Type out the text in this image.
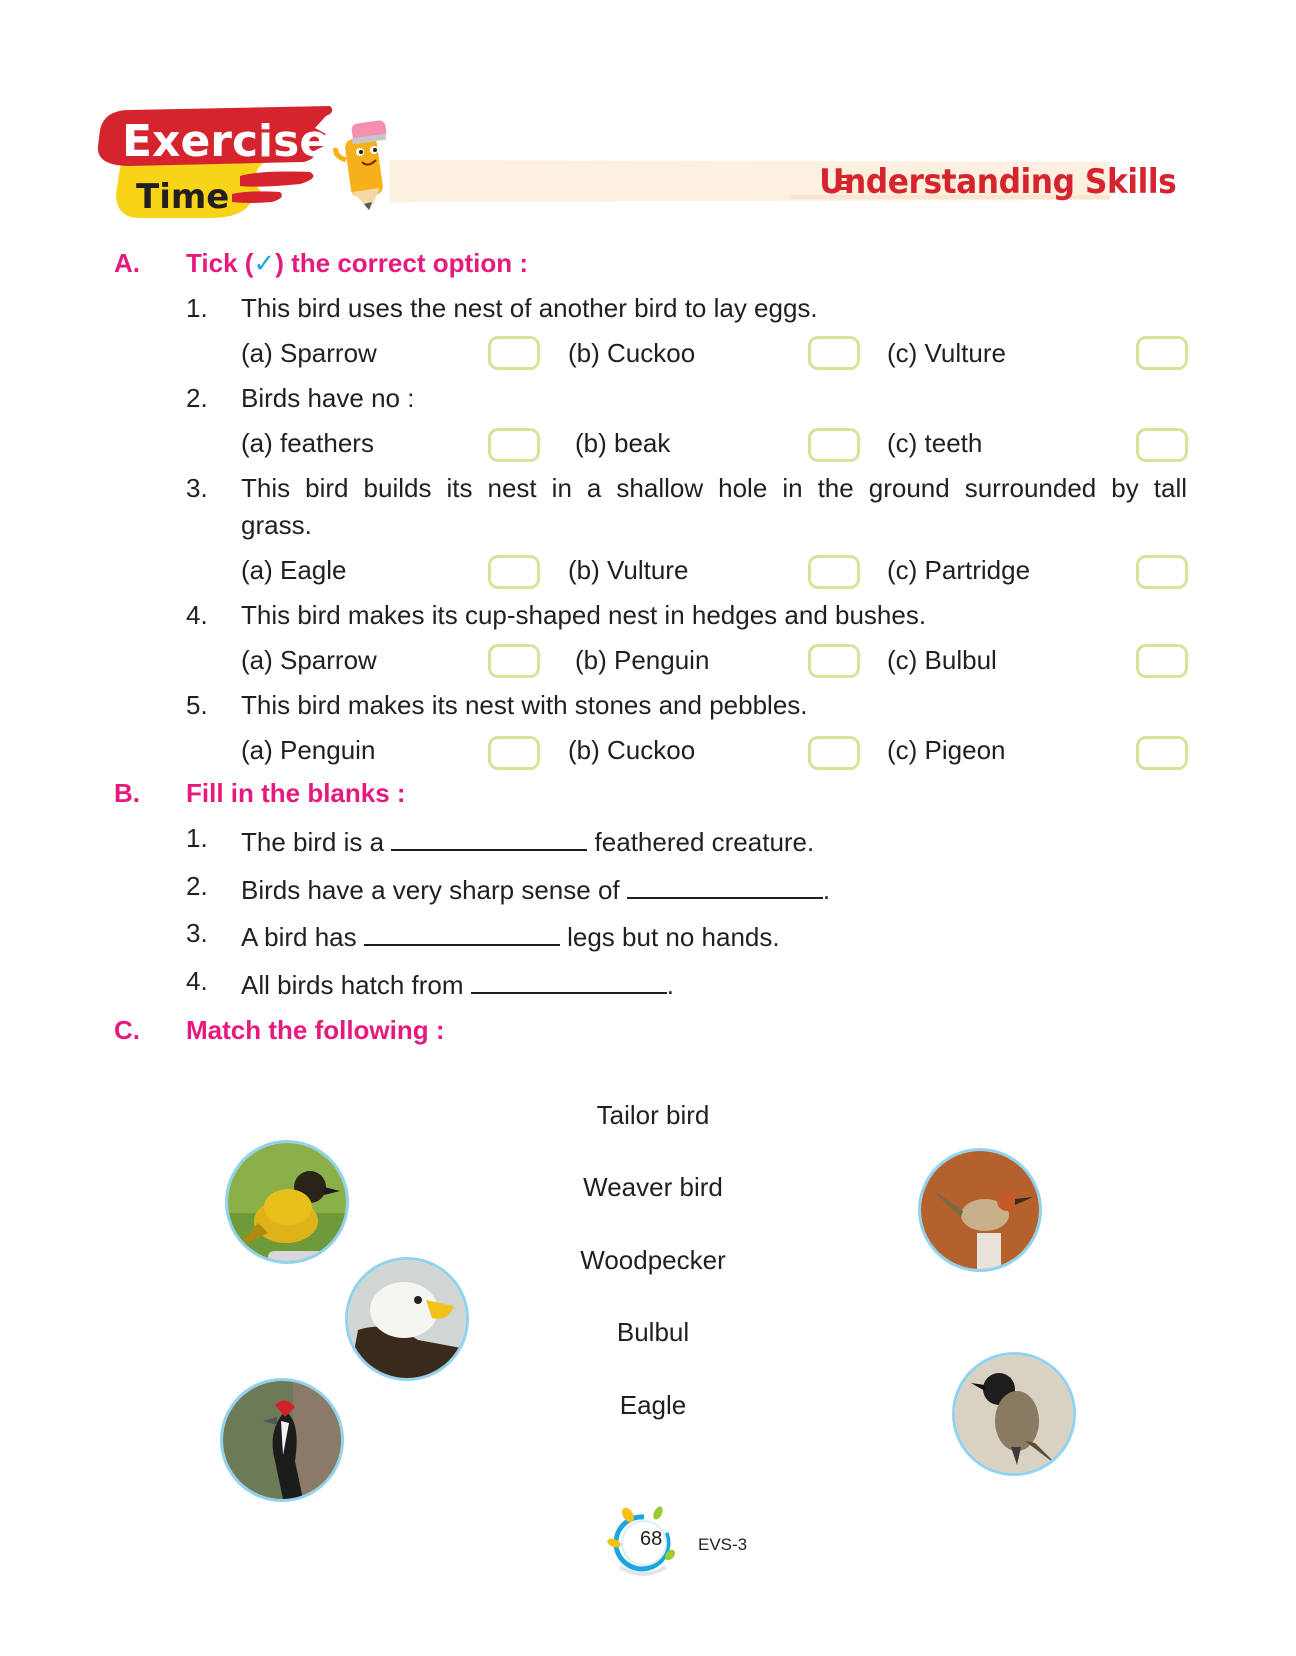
Exercise
Time	Understanding Skills
A. Tick (✓) the correct option :
1. This bird uses the nest of another bird to lay eggs.
(a) Sparrow	(b) Cuckoo	(c) Vulture
2. Birds have no :
(a) feathers	(b) beak	(c) teeth
3. This bird builds its nest in a shallow hole in the ground surrounded by tall
grass.
(a) Eagle	(b) Vulture	(c) Partridge
4. This bird makes its cup-shaped nest in hedges and bushes.
(a) Sparrow	(b) Penguin	(c) Bulbul
5. This bird makes its nest with stones and pebbles.
(a) Penguin	(b) Cuckoo	(c) Pigeon
B. Fill in the blanks :
1. The bird is a	feathered creature.
2. Birds have a very sharp sense of	.
3. A bird has	legs but no hands.
4. All birds hatch from	.
C. Match the following :
Tailor bird
Weaver bird
Woodpecker
Bulbul
Eagle
68 EVS-3
